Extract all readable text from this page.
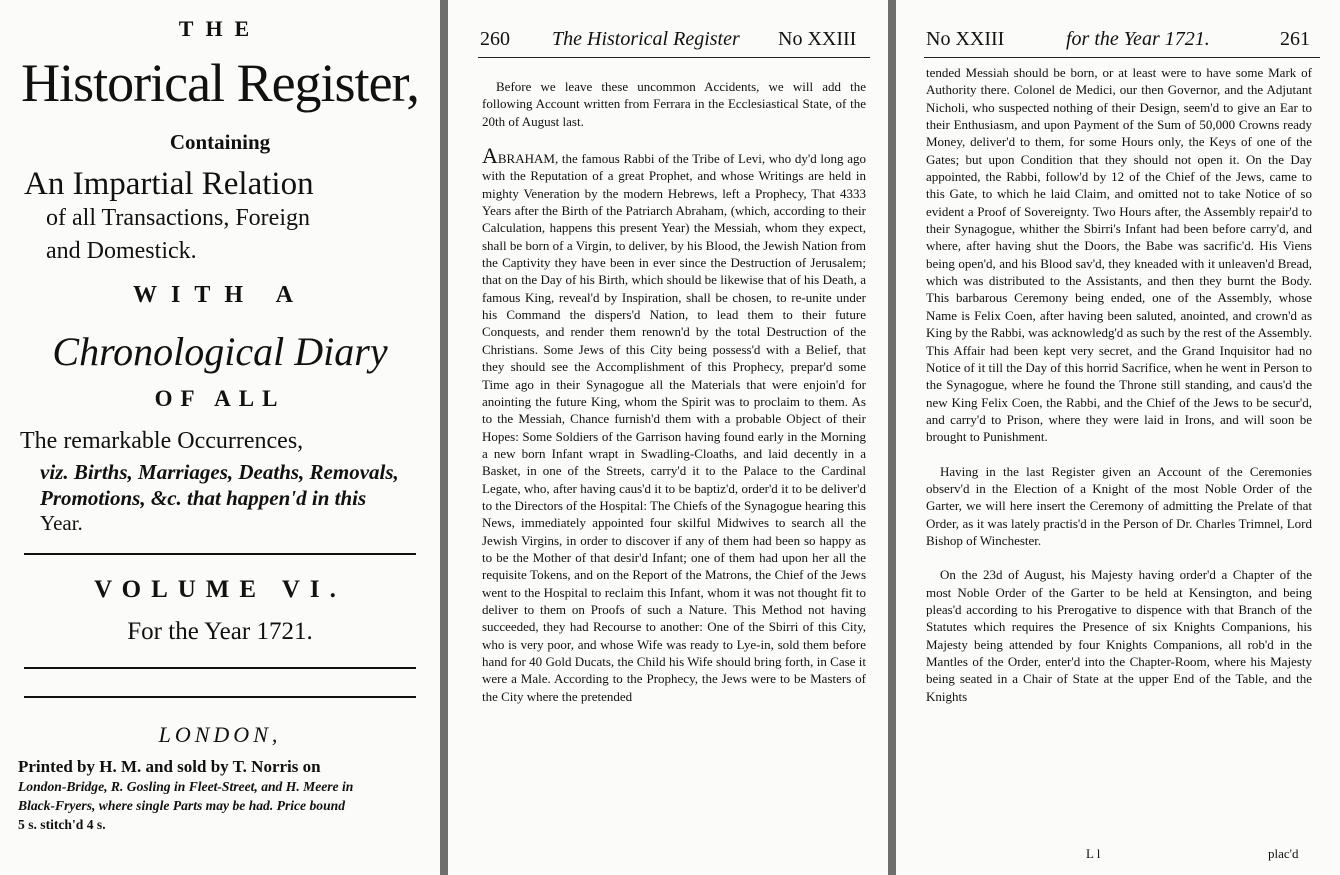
THE
Historical Register,
Containing
An Impartial Relation
of all Transactions, Foreign
and Domestick.
WITH A
Chronological Diary
OF ALL
The remarkable Occurrences,
viz. Births, Marriages, Deaths, Removals,
Promotions, &c. that happen'd in this
Year.
VOLUME VI.
For the Year 1721.
LONDON,
Printed by H. M. and sold by T. Norris on
London-Bridge, R. Gosling in Fleet-Street, and H. Meere in
Black-Fryers, where single Parts may be had. Price bound
5 s. stitch'd 4 s.
260 The Historical Register No XXIII

Before we leave these uncommon Accidents, we will add the following Account written from Ferrara in the Ecclesiastical State, of the 20th of August last.

ABRAHAM, the famous Rabbi of the Tribe of Levi, who dy'd long ago with the Reputation of a great Prophet, and whose Writings are held in mighty Veneration by the modern Hebrews, left a Prophecy, That 4333 Years after the Birth of the Patriarch Abraham, (which, according to their Calculation, happens this present Year) the Messiah, whom they expect, shall be born of a Virgin, to deliver, by his Blood, the Jewish Nation from the Captivity they have been in ever since the Destruction of Jerusalem; that on the Day of his Birth, which should be likewise that of his Death, a famous King, reveal'd by Inspiration, shall be chosen, to re-unite under his Command the dispers'd Nation, to lead them to their future Conquests, and render them renown'd by the total Destruction of the Christians. Some Jews of this City being possess'd with a Belief, that they should see the Accomplishment of this Prophecy, prepar'd some Time ago in their Synagogue all the Materials that were enjoin'd for anointing the future King, whom the Spirit was to proclaim to them. As to the Messiah, Chance furnish'd them with a probable Object of their Hopes: Some Soldiers of the Garrison having found early in the Morning a new born Infant wrapt in Swadling-Cloaths, and laid decently in a Basket, in one of the Streets, carry'd it to the Palace to the Cardinal Legate, who, after having caus'd it to be baptiz'd, order'd it to be deliver'd to the Directors of the Hospital: The Chiefs of the Synagogue hearing this News, immediately appointed four skilful Midwives to search all the Jewish Virgins, in order to discover if any of them had been so happy as to be the Mother of that desir'd Infant; one of them had upon her all the requisite Tokens, and on the Report of the Matrons, the Chief of the Jews went to the Hospital to reclaim this Infant, whom it was not thought fit to deliver to them on Proofs of such a Nature. This Method not having succeeded, they had Recourse to another: One of the Sbirri of this City, who is very poor, and whose Wife was ready to Lye-in, sold them before hand for 40 Gold Ducats, the Child his Wife should bring forth, in Case it were a Male. According to the Prophecy, the Jews were to be Masters of the City where the pretended

No XXIII	for the Year 1721.	261

tended Messiah should be born, or at least were to have some Mark of Authority there. Colonel de Medici, our then Governor, and the Adjutant Nicholi, who suspected nothing of their Design, seem'd to give an Ear to their Enthusiasm, and upon Payment of the Sum of 50,000 Crowns ready Money, deliver'd to them, for some Hours only, the Keys of one of the Gates; but upon Condition that they should not open it. On the Day appointed, the Rabbi, follow'd by 12 of the Chief of the Jews, came to this Gate, to which he laid Claim, and omitted not to take Notice of so evident a Proof of Sovereignty. Two Hours after, the Assembly repair'd to their Synagogue, whither the Sbirri's Infant had been before carry'd, and where, after having shut the Doors, the Babe was sacrific'd. His Viens being open'd, and his Blood sav'd, they kneaded with it unleaven'd Bread, which was distributed to the Assistants, and then they burnt the Body. This barbarous Ceremony being ended, one of the Assembly, whose Name is Felix Coen, after having been saluted, anointed, and crown'd as King by the Rabbi, was acknowledg'd as such by the rest of the Assembly. This Affair had been kept very secret, and the Grand Inquisitor had no Notice of it till the Day of this horrid Sacrifice, when he went in Person to the Synagogue, where he found the Throne still standing, and caus'd the new King Felix Coen, the Rabbi, and the Chief of the Jews to be secur'd, and carry'd to Prison, where they were laid in Irons, and will soon be brought to Punishment.

Having in the last Register given an Account of the Ceremonies observ'd in the Election of a Knight of the most Noble Order of the Garter, we will here insert the Ceremony of admitting the Prelate of that Order, as it was lately practis'd in the Person of Dr. Charles Trimnel, Lord Bishop of Winchester.

On the 23d of August, his Majesty having order'd a Chapter of the most Noble Order of the Garter to be held at Kensington, and being pleas'd according to his Prerogative to dispence with that Branch of the Statutes which requires the Presence of six Knights Companions, his Majesty being attended by four Knights Companions, all rob'd in the Mantles of the Order, enter'd into the Chapter-Room, where his Majesty being seated in a Chair of State at the upper End of the Table, and the Knights

L l	plac'd
